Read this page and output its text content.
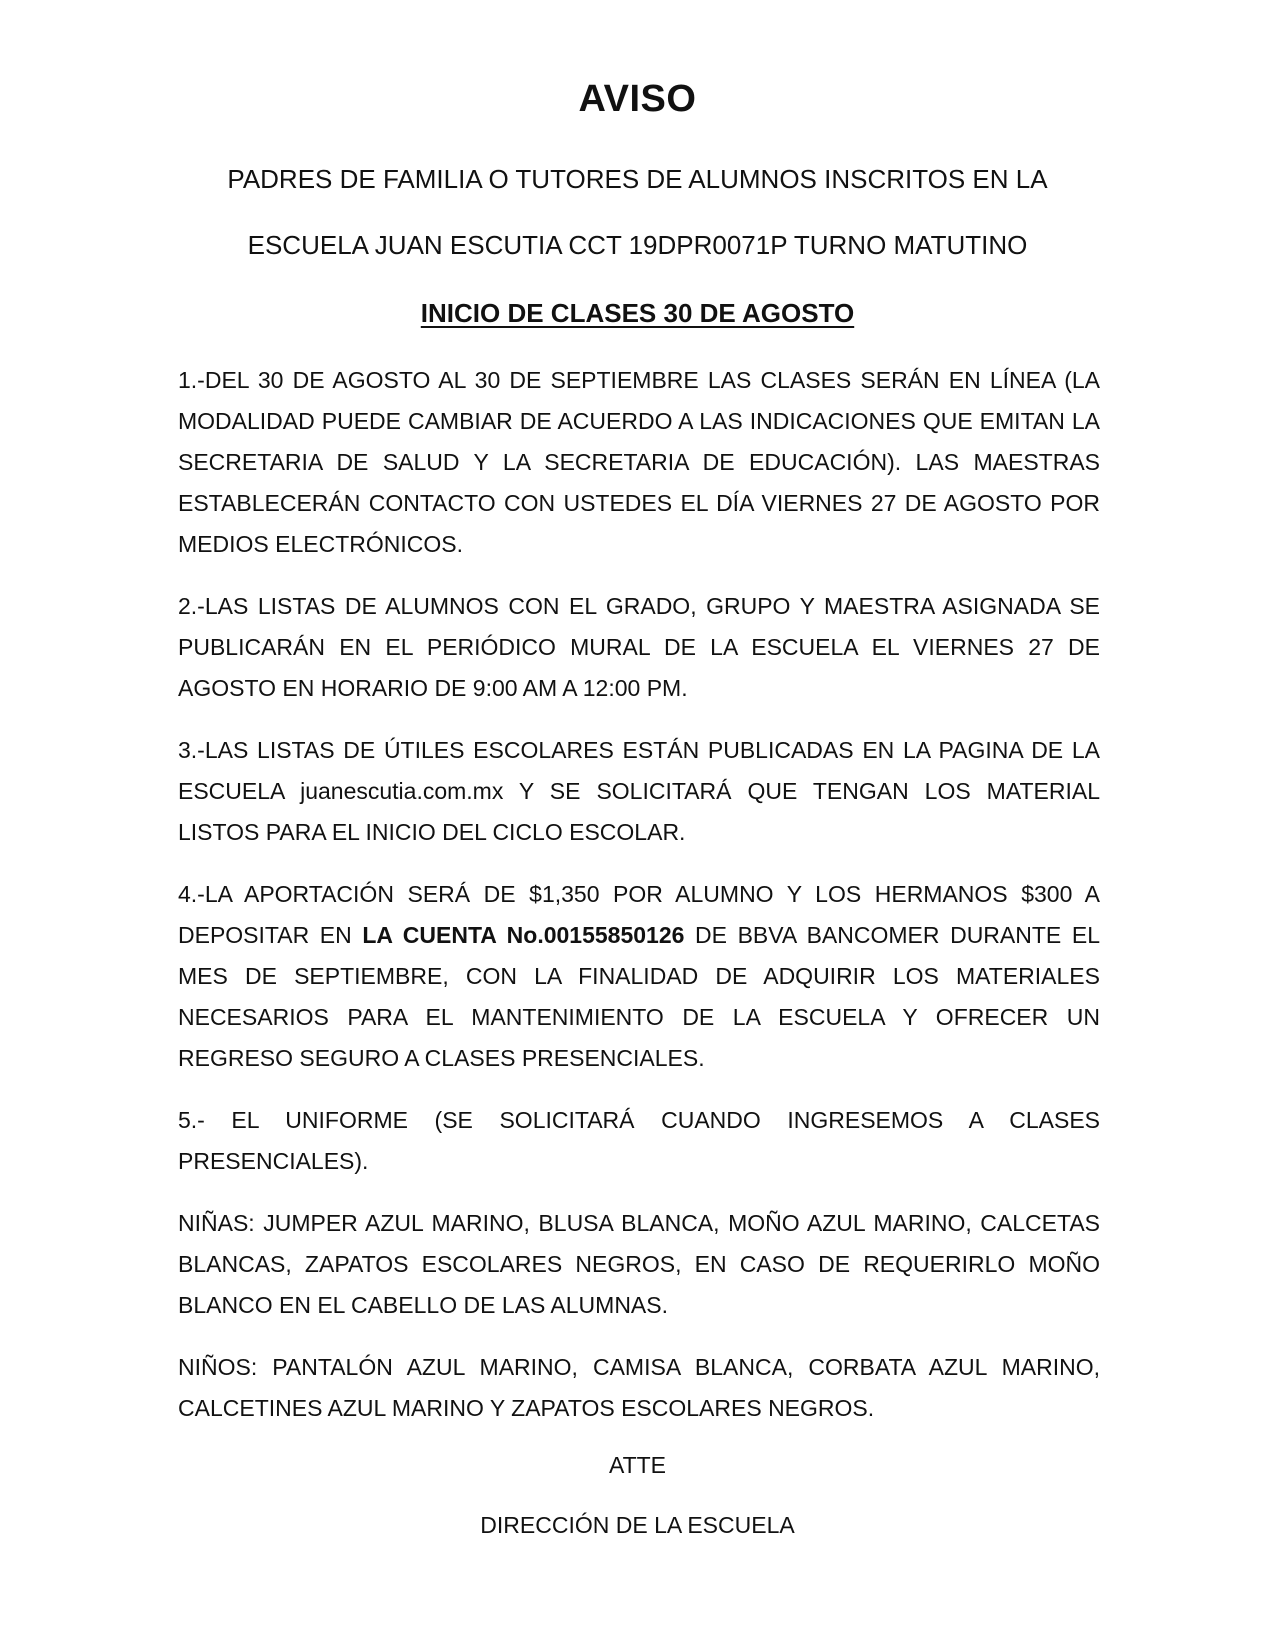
AVISO
PADRES DE FAMILIA O TUTORES DE ALUMNOS INSCRITOS EN LA
ESCUELA JUAN ESCUTIA CCT 19DPR0071P TURNO MATUTINO
INICIO DE CLASES 30 DE AGOSTO

1.-DEL 30 DE AGOSTO AL 30 DE SEPTIEMBRE LAS CLASES SERÁN EN LÍNEA (LA MODALIDAD PUEDE CAMBIAR DE ACUERDO A LAS INDICACIONES QUE EMITAN LA SECRETARIA DE SALUD Y LA SECRETARIA DE EDUCACIÓN). LAS MAESTRAS ESTABLECERÁN CONTACTO CON USTEDES EL DÍA VIERNES 27 DE AGOSTO POR MEDIOS ELECTRÓNICOS.

2.-LAS LISTAS DE ALUMNOS CON EL GRADO, GRUPO Y MAESTRA ASIGNADA SE PUBLICARÁN EN EL PERIÓDICO MURAL DE LA ESCUELA EL VIERNES 27 DE AGOSTO EN HORARIO DE 9:00 AM A 12:00 PM.

3.-LAS LISTAS DE ÚTILES ESCOLARES ESTÁN PUBLICADAS EN LA PAGINA DE LA ESCUELA juanescutia.com.mx Y SE SOLICITARÁ QUE TENGAN LOS MATERIAL LISTOS PARA EL INICIO DEL CICLO ESCOLAR.

4.-LA APORTACIÓN SERÁ DE $1,350 POR ALUMNO Y LOS HERMANOS $300 A DEPOSITAR EN LA CUENTA No.00155850126 DE BBVA BANCOMER DURANTE EL MES DE SEPTIEMBRE, CON LA FINALIDAD DE ADQUIRIR LOS MATERIALES NECESARIOS PARA EL MANTENIMIENTO DE LA ESCUELA Y OFRECER UN REGRESO SEGURO A CLASES PRESENCIALES.

5.- EL UNIFORME (SE SOLICITARÁ CUANDO INGRESEMOS A CLASES PRESENCIALES).

NIÑAS: JUMPER AZUL MARINO, BLUSA BLANCA, MOÑO AZUL MARINO, CALCETAS BLANCAS, ZAPATOS ESCOLARES NEGROS, EN CASO DE REQUERIRLO MOÑO BLANCO EN EL CABELLO DE LAS ALUMNAS.

NIÑOS: PANTALÓN AZUL MARINO, CAMISA BLANCA, CORBATA AZUL MARINO, CALCETINES AZUL MARINO Y ZAPATOS ESCOLARES NEGROS.

ATTE
DIRECCIÓN DE LA ESCUELA
